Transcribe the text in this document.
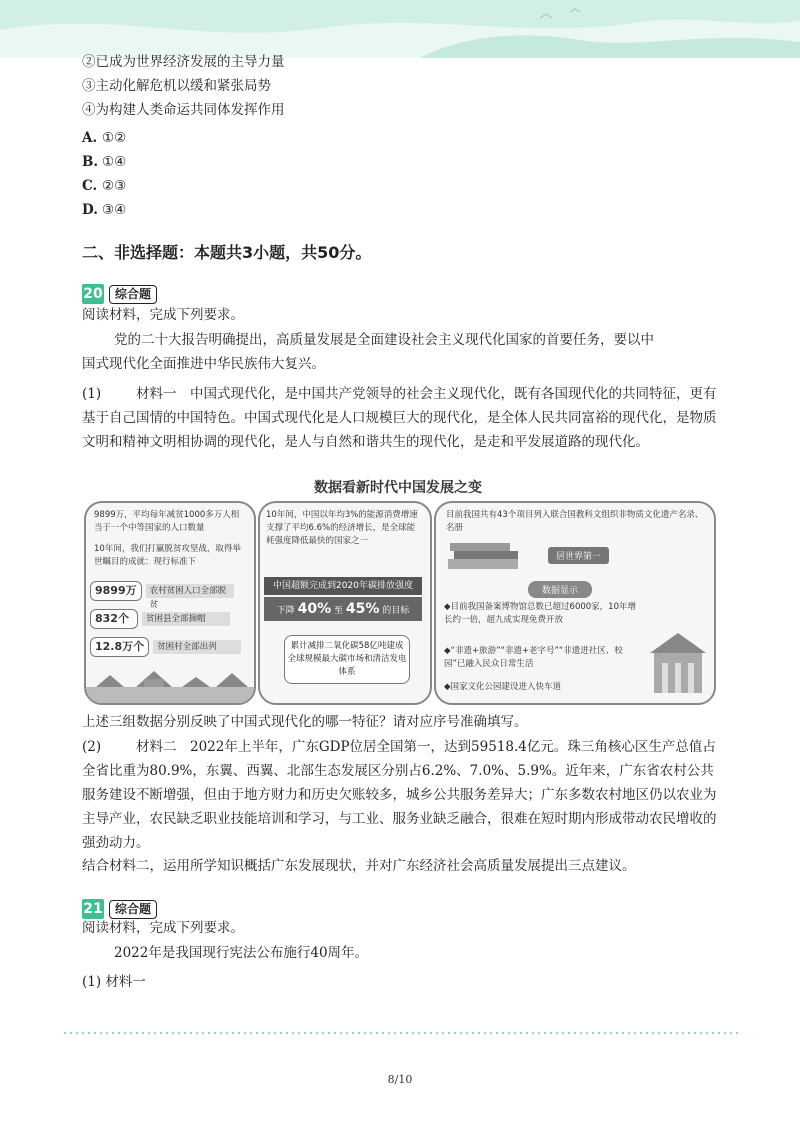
②已成为世界经济发展的主导力量
③主动化解危机以缓和紧张局势
④为构建人类命运共同体发挥作用
A. ①②
B. ①④
C. ②③
D. ③④
二、非选择题：本题共3小题，共50分。
20	综合题
阅读材料，完成下列要求。
党的二十大报告明确提出，高质量发展是全面建设社会主义现代化国家的首要任务，要以中
国式现代化全面推进中华民族伟大复兴。
(1)	材料一　中国式现代化，是中国共产党领导的社会主义现代化，既有各国现代化的共同特征，更有基于自己国情的中国特色。中国式现代化是人口规模巨大的现代化，是全体人民共同富裕的现代化，是物质文明和精神文明相协调的现代化，是人与自然和谐共生的现代化，是走和平发展道路的现代化。
数据看新时代中国发展之变
9899万，平均每年减贫1000多万人相当于一个中等国家的人口数量
10年间，我们打赢脱贫攻坚战，取得举世瞩目的成就：现行标准下
9899万	农村贫困人口全部脱贫
832个	贫困县全部摘帽
12.8万个	贫困村全部出列
10年间，中国以年均3%的能源消费增速支撑了平均6.6%的经济增长，是全球能耗强度降低最快的国家之一
中国超额完成到2020年碳排放强度
下降 40% 至 45% 的目标
累计减排二氧化碳58亿吨建成全球规模最大碳市场和清洁发电体系
目前我国共有43个项目列入联合国教科文组织非物质文化遗产名录、名册
居世界第一
数据显示
◆目前我国备案博物馆总数已超过6000家，10年增长约一倍，超九成实现免费开放
◆“非遗+旅游”“非遗+老字号”“非遗进社区、校园”已融入民众日常生活
◆国家文化公园建设进入快车道
上述三组数据分别反映了中国式现代化的哪一特征？请对应序号准确填写。
(2)	材料二　2022年上半年，广东GDP位居全国第一，达到59518.4亿元。珠三角核心区生产总值占全省比重为80.9%，东翼、西翼、北部生态发展区分别占6.2%、7.0%、5.9%。近年来，广东省农村公共服务建设不断增强，但由于地方财力和历史欠账较多，城乡公共服务差异大；广东多数农村地区仍以农业为主导产业，农民缺乏职业技能培训和学习，与工业、服务业缺乏融合，很难在短时期内形成带动农民增收的强劲动力。
结合材料二，运用所学知识概括广东发展现状，并对广东经济社会高质量发展提出三点建议。
21	综合题
阅读材料，完成下列要求。
2022年是我国现行宪法公布施行40周年。
(1) 材料一
8/10
